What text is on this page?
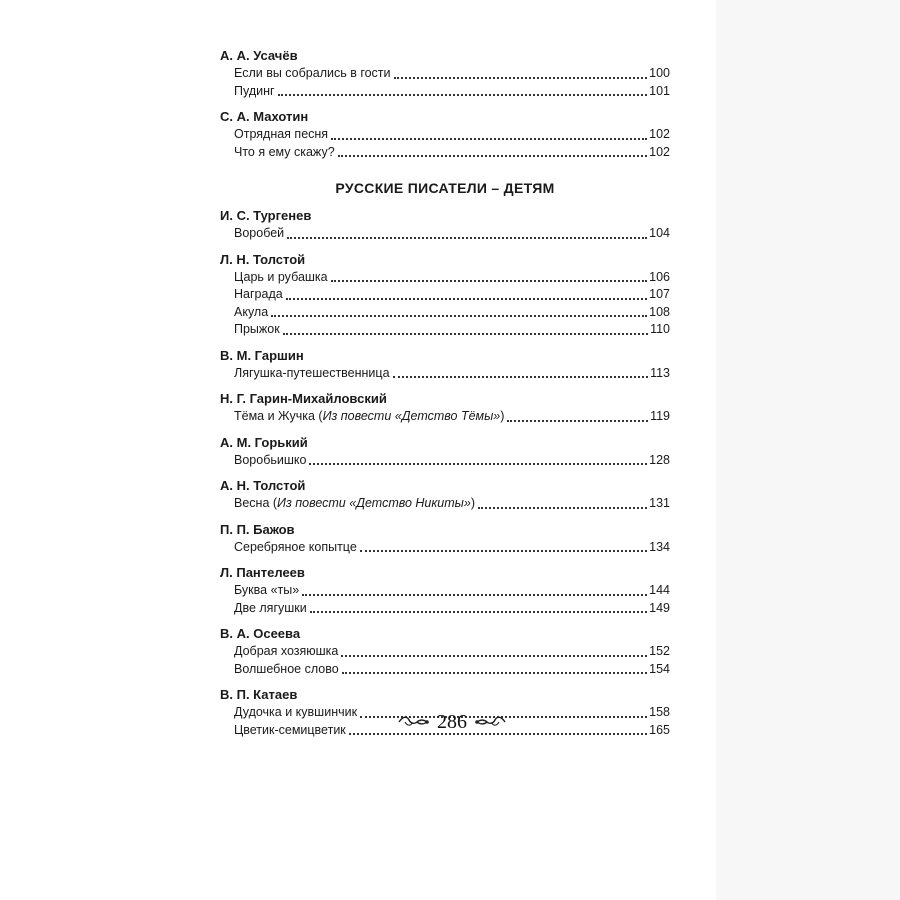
А. А. Усачёв
Если вы собрались в гости	100
Пудинг	101
С. А. Махотин
Отрядная песня	102
Что я ему скажу?	102
РУССКИЕ ПИСАТЕЛИ – ДЕТЯМ
И. С. Тургенев
Воробей	104
Л. Н. Толстой
Царь и рубашка	106
Награда	107
Акула	108
Прыжок	110
В. М. Гаршин
Лягушка-путешественница	113
Н. Г. Гарин-Михайловский
Тёма и Жучка (Из повести «Детство Тёмы»)	119
А. М. Горький
Воробьишко	128
А. Н. Толстой
Весна (Из повести «Детство Никиты»)	131
П. П. Бажов
Серебряное копытце	134
Л. Пантелеев
Буква «ты»	144
Две лягушки	149
В. А. Осеева
Добрая хозяюшка	152
Волшебное слово	154
В. П. Катаев
Дудочка и кувшинчик	158
Цветик-семицветик	165
286
